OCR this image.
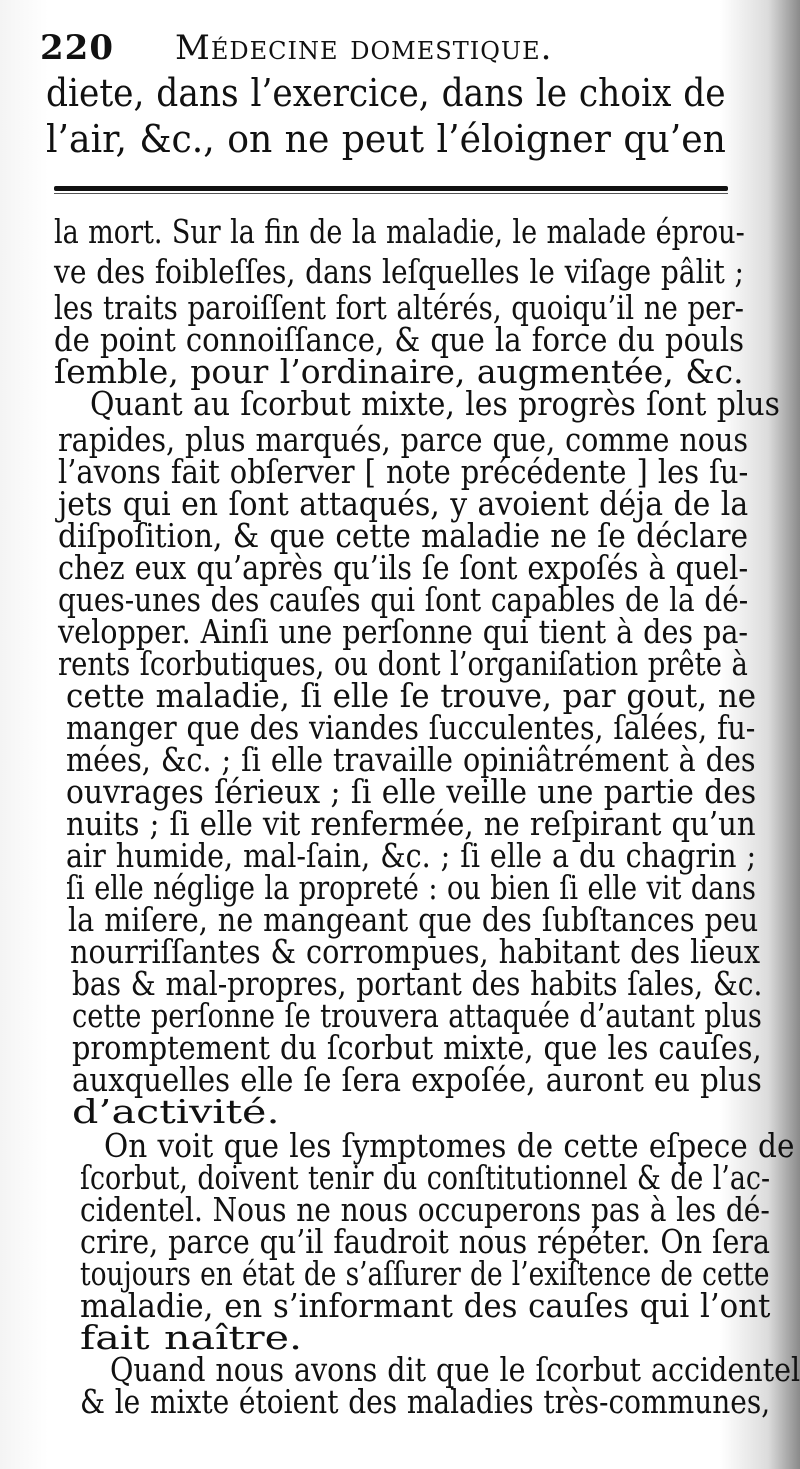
220 Médecine domestique.
diete, dans l’exercice, dans le choix de
l’air, &c., on ne peut l’éloigner qu’en
la mort. Sur la fin de la maladie, le malade éprou-
ve des foibleſſes, dans leſquelles le viſage pâlit ;
les traits paroiſſent fort altérés, quoiqu’il ne per-
de point connoiſſance, & que la force du pouls
ſemble, pour l’ordinaire, augmentée, &c.
Quant au ſcorbut mixte, les progrès ſont plus
rapides, plus marqués, parce que, comme nous
l’avons fait obſerver [ note précédente ] les ſu-
jets qui en ſont attaqués, y avoient déja de la
diſpoſition, & que cette maladie ne ſe déclare
chez eux qu’après qu’ils ſe ſont expoſés à quel-
ques-unes des cauſes qui ſont capables de la dé-
velopper. Ainſi une perſonne qui tient à des pa-
rents ſcorbutiques, ou dont l’organiſation prête à
cette maladie, ſi elle ſe trouve, par gout, ne
manger que des viandes ſucculentes, ſalées, fu-
mées, &c. ; ſi elle travaille opiniâtrément à des
ouvrages ſérieux ; ſi elle veille une partie des
nuits ; ſi elle vit renfermée, ne reſpirant qu’un
air humide, mal-ſain, &c. ; ſi elle a du chagrin ;
ſi elle néglige la propreté : ou bien ſi elle vit dans
la miſere, ne mangeant que des ſubſtances peu
nourriſſantes & corrompues, habitant des lieux
bas & mal-propres, portant des habits ſales, &c.
cette perſonne ſe trouvera attaquée d’autant plus
promptement du ſcorbut mixte, que les cauſes,
auxquelles elle ſe ſera expoſée, auront eu plus
d’activité.
On voit que les ſymptomes de cette eſpece de
ſcorbut, doivent tenir du conſtitutionnel & de l’ac-
cidentel. Nous ne nous occuperons pas à les dé-
crire, parce qu’il faudroit nous répéter. On ſera
toujours en état de s’aſſurer de l’exiſtence de cette
maladie, en s’informant des cauſes qui l’ont
fait naître.
Quand nous avons dit que le ſcorbut accidentel
& le mixte étoient des maladies très-communes,
